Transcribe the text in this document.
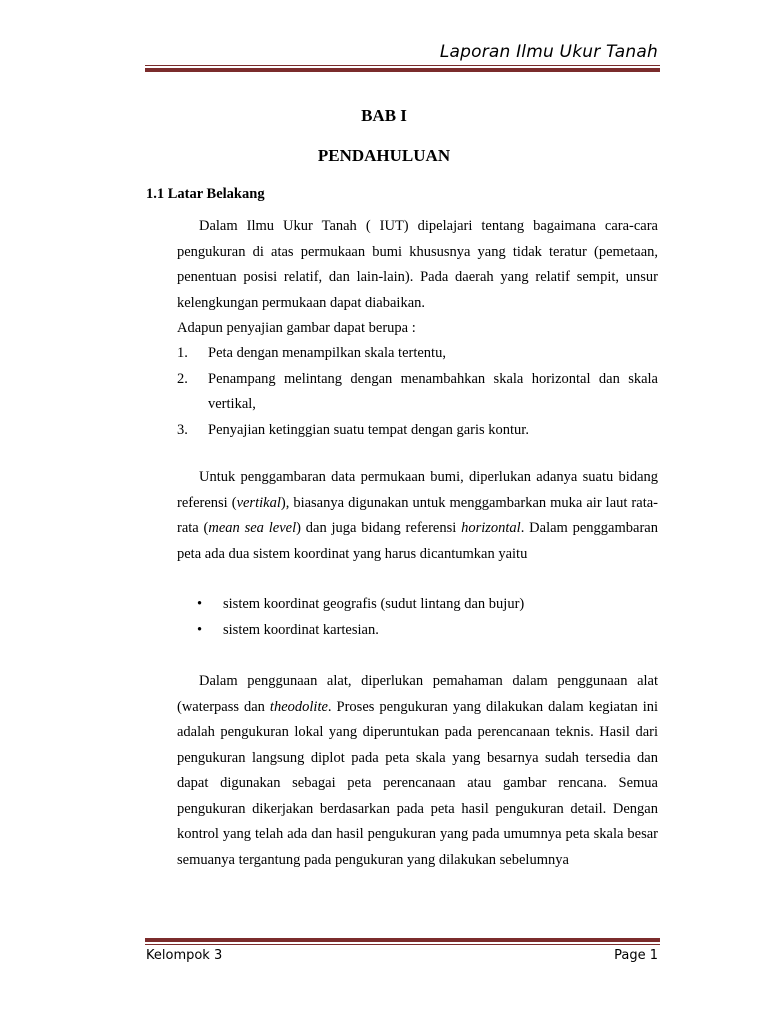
Laporan Ilmu Ukur Tanah
BAB I
PENDAHULUAN
1.1 Latar Belakang

Dalam Ilmu Ukur Tanah ( IUT) dipelajari tentang bagaimana cara-cara pengukuran di atas permukaan bumi khususnya yang tidak teratur (pemetaan, penentuan posisi relatif, dan lain-lain). Pada daerah yang relatif sempit, unsur kelengkungan permukaan dapat diabaikan.

Adapun penyajian gambar dapat berupa :

1. Peta dengan menampilkan skala tertentu,
2. Penampang melintang dengan menambahkan skala horizontal dan skala vertikal,
3. Penyajian ketinggian suatu tempat dengan garis kontur.

Untuk penggambaran data permukaan bumi, diperlukan adanya suatu bidang referensi (vertikal), biasanya digunakan untuk menggambarkan muka air laut rata-rata (mean sea level) dan juga bidang referensi horizontal. Dalam penggambaran peta ada dua sistem koordinat yang harus dicantumkan yaitu

• sistem koordinat geografis (sudut lintang dan bujur)
• sistem koordinat kartesian.

Dalam penggunaan alat, diperlukan pemahaman dalam penggunaan alat (waterpass dan theodolite. Proses pengukuran yang dilakukan dalam kegiatan ini adalah pengukuran lokal yang diperuntukan pada perencanaan teknis. Hasil dari pengukuran langsung diplot pada peta skala yang besarnya sudah tersedia dan dapat digunakan sebagai peta perencanaan atau gambar rencana. Semua pengukuran dikerjakan berdasarkan pada peta hasil pengukuran detail. Dengan kontrol yang telah ada dan hasil pengukuran yang pada umumnya peta skala besar semuanya tergantung pada pengukuran yang dilakukan sebelumnya

Kelompok 3	Page 1
